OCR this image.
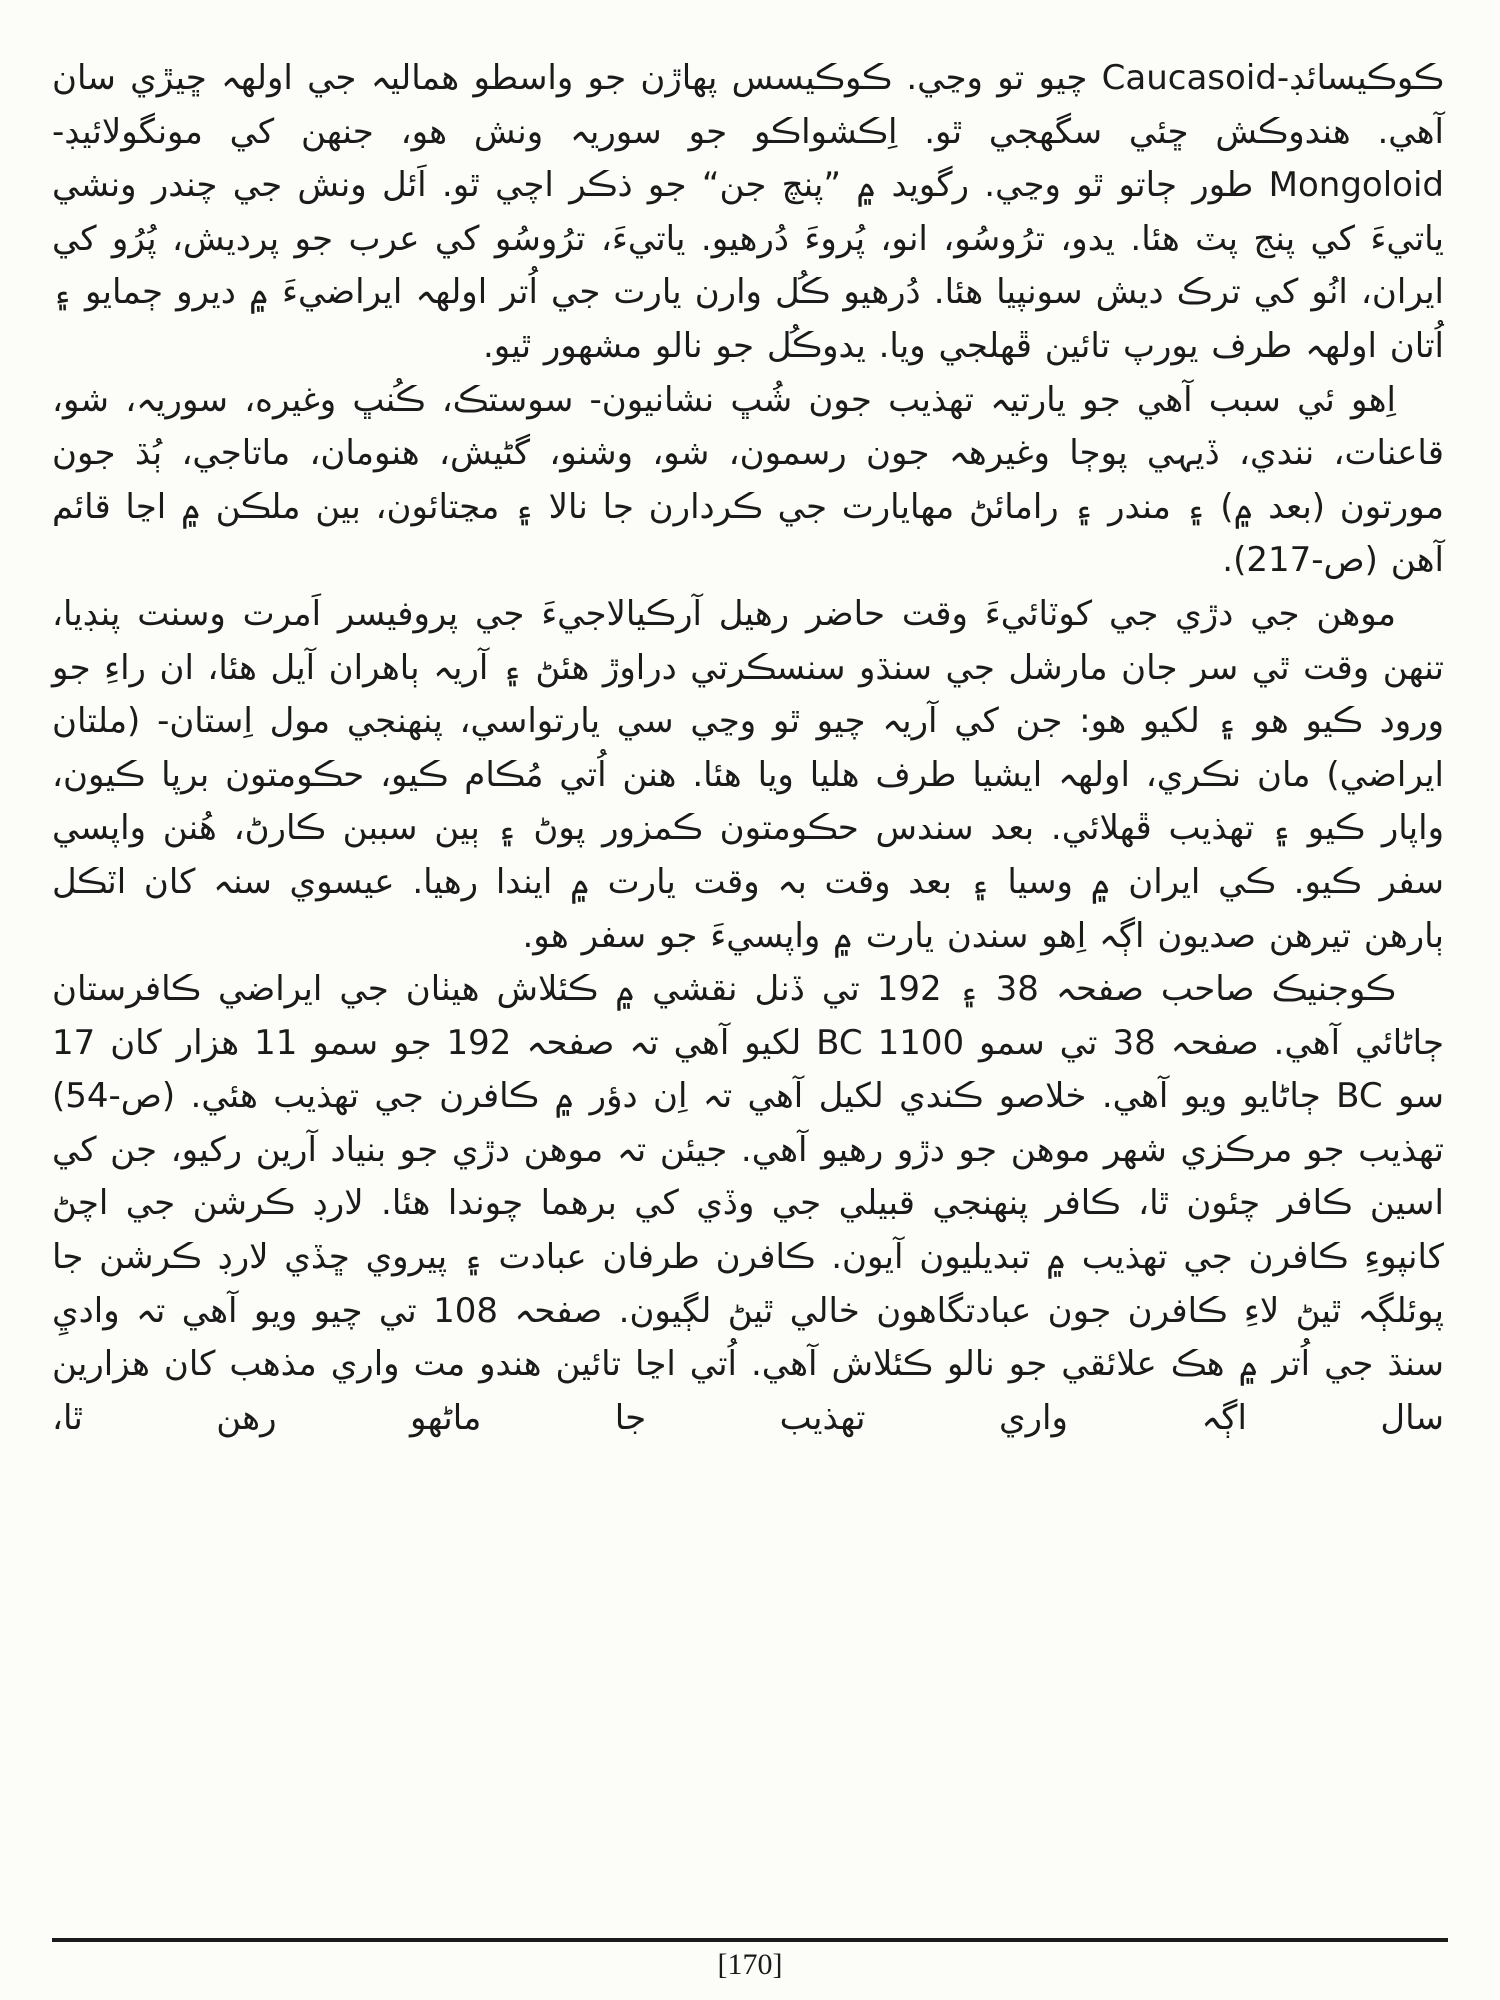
ڪوڪيسائڊ-Caucasoid چيو تو وڃي. ڪوڪيسس پهاڙن جو واسطو هماليہ جي اولهہ ڇيڙي سان آهي. هندوڪش ڇئي سگهجي ٿو. اِڪشواڪو جو سوريہ ونش هو، جنهن کي مونگولائيڊ-Mongoloid طور ڄاتو ٿو وڃي. رگويد ۾ ”پنچ جن“ جو ذڪر اچي ٿو. اَئل ونش جي چندر ونشي ياتيءَ کي پنج پٽ هئا. يدو، ترُوسُو، انو، پُروءَ دُرهيو. ياتيءَ، ترُوسُو کي عرب جو پرديش، پُرُو کي ايران، انُو کي ترڪ ديش سونپيا هئا. دُرهيو ڪُل وارن يارت جي اُتر اولهہ ايراضيءَ ۾ ديرو ڄمايو ۽ اُتان اولهہ طرف يورپ تائين ڦهلجي ويا. يدوڪُل جو نالو مشهور ٿيو.

اِهو ئي سبب آهي جو يارتيہ تهذيب جون شُڀ نشانيون- سوستڪ، ڪُنڀ وغيره، سوريہ، شو، قاعنات، نندي، ڏيہي پوڄا وغيرهہ جون رسمون، شو، وشنو، گڻيش، هنومان، ماتاجي، ٻُڌ جون مورتون (بعد ۾) ۽ مندر ۽ رامائڻ مهايارت جي ڪردارن جا نالا ۽ مڃتائون، بين ملڪن ۾ اڃا قائم آهن (ص-217).

موهن جي دڙي جي کوٽائيءَ وقت حاضر رهيل آرڪيالاجيءَ جي پروفيسر اَمرت وسنت پنڊيا، تنهن وقت ٿي سر جان مارشل جي سنڌو سنسڪرتي دراوڙ هئڻ ۽ آريہ ٻاهران آيل هئا، ان راءِ جو ورود ڪيو هو ۽ لکيو هو: جن کي آريہ چيو ٿو وڃي سي يارتواسي، پنهنجي مول اِستان- (ملتان ايراضي) مان نڪري، اولهہ ايشيا طرف هليا ويا هئا. هنن اُتي مُڪام ڪيو، حڪومتون برپا ڪيون، واپار ڪيو ۽ تهذيب ڦهلائي. بعد سندس حڪومتون ڪمزور پوڻ ۽ ٻين سببن ڪارڻ، هُنن واپسي سفر ڪيو. ڪي ايران ۾ وسيا ۽ بعد وقت بہ وقت يارت ۾ ايندا رهيا. عيسوي سنہ کان اٽڪل ٻارهن تيرهن صديون اڳہ اِهو سندن يارت ۾ واپسيءَ جو سفر هو.

ڪوجنيڪ صاحب صفحہ 38 ۽ 192 تي ڏنل نقشي ۾ ڪئلاش هيٺان جي ايراضي ڪافرستان ڄاڻائي آهي. صفحہ 38 تي سمو BC 1100 لکيو آهي تہ صفحہ 192 جو سمو 11 هزار کان 17 سو BC ڄاڻايو ويو آهي. خلاصو ڪندي لکيل آهي تہ اِن دؤر ۾ ڪافرن جي تهذيب هئي. (ص-54) تهذيب جو مرڪزي شهر موهن جو دڙو رهيو آهي. جيئن تہ موهن دڙي جو بنياد آرين رکيو، جن کي اسين ڪافر چئون ٿا، ڪافر پنهنجي قبيلي جي وڏي کي برهما چوندا هئا. لارڊ ڪرشن جي اچڻ کانپوءِ ڪافرن جي تهذيب ۾ تبديليون آيون. ڪافرن طرفان عبادت ۽ پيروي ڇڏي لارڊ ڪرشن جا پوئلڳہ ٿيڻ لاءِ ڪافرن جون عبادتگاهون خالي ٿيڻ لڳيون. صفحہ 108 تي چيو ويو آهي تہ واديِ سنڌ جي اُتر ۾ هڪ علائقي جو نالو ڪئلاش آهي. اُتي اڃا تائين هندو مت واري مذهب کان هزارين سال اڳہ واري تهذيب جا ماڻهو رهن ٿا،

[170]
